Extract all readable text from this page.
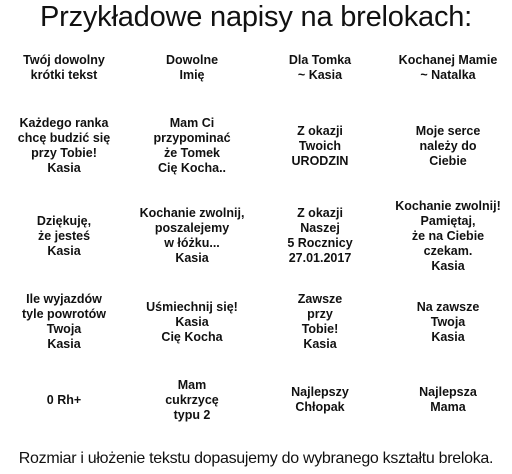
Przykładowe napisy na brelokach:
Twój dowolny
krótki tekst
Dowolne
Imię
Dla Tomka
~ Kasia
Kochanej Mamie
~ Natalka
Każdego ranka
chcę budzić się
przy Tobie!
Kasia
Mam Ci
przypominać
że Tomek
Cię Kocha..
Z okazji
Twoich
URODZIN
Moje serce
należy do
Ciebie
Dziękuję,
że jesteś
Kasia
Kochanie zwolnij,
poszalejemy
w łóżku...
Kasia
Z okazji
Naszej
5 Rocznicy
27.01.2017
Kochanie zwolnij!
Pamiętaj,
że na Ciebie
czekam.
Kasia
Ile wyjazdów
tyle powrotów
Twoja
Kasia
Uśmiechnij się!
Kasia
Cię Kocha
Zawsze
przy
Tobie!
Kasia
Na zawsze
Twoja
Kasia
0 Rh+
Mam
cukrzycę
typu 2
Najlepszy
Chłopak
Najlepsza
Mama
Rozmiar i ułożenie tekstu dopasujemy do wybranego kształtu breloka.
